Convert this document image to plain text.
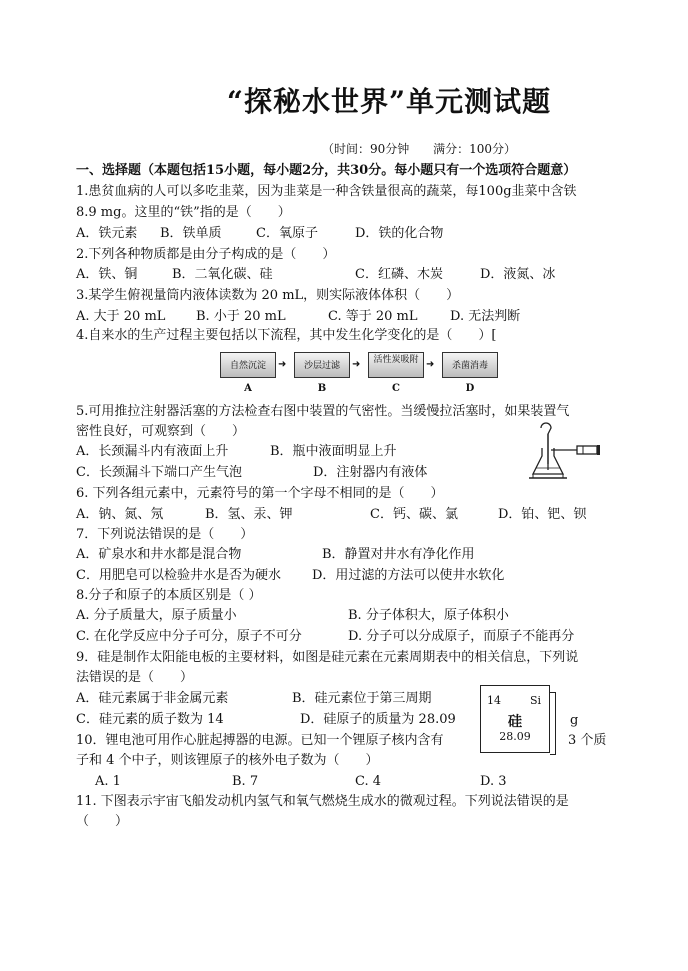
“探秘水世界”单元测试题
（时间：90分钟 满分：100分）
一、选择题（本题包括15小题，每小题2分，共30分。每小题只有一个选项符合题意）
1.患贫血病的人可以多吃韭菜，因为韭菜是一种含铁量很高的蔬菜，每100g韭菜中含铁
8.9 mg。这里的“铁”指的是（　　）
A．铁元素 B．铁单质	C．氧原子	D．铁的化合物
2.下列各种物质都是由分子构成的是（　　）
A．铁、铜	B．二氧化碳、硅	C．红磷、木炭	D．液氮、冰
3.某学生俯视量筒内液体读数为 20 mL，则实际液体体积（　　）
A. 大于 20 mL B. 小于 20 mL	C. 等于 20 mL D. 无法判断
4.自来水的生产过程主要包括以下流程，其中发生化学变化的是（　　）[
自然沉淀	➜	沙层过滤	➜	活性炭吸附 ➜	杀菌消毒
A	B	C	D
5.可用推拉注射器活塞的方法检查右图中装置的气密性。当缓慢拉活塞时，如果装置气
密性良好，可观察到（　　）
A．长颈漏斗内有液面上升	B．瓶中液面明显上升
C．长颈漏斗下端口产生气泡	D．注射器内有液体
6. 下列各组元素中，元素符号的第一个字母不相同的是（　　）
A．钠、氮、氖	B．氢、汞、钾	C．钙、碳、氯	D．铂、钯、钡
7．下列说法错误的是（　　）
A．矿泉水和井水都是混合物	B．静置对井水有净化作用
C．用肥皂可以检验井水是否为硬水 D．用过滤的方法可以使井水软化
8.分子和原子的本质区别是（ ）
A. 分子质量大，原子质量小	B. 分子体积大，原子体积小
C. 在化学反应中分子可分，原子不可分	D. 分子可以分成原子，而原子不能再分
9．硅是制作太阳能电板的主要材料，如图是硅元素在元素周期表中的相关信息，下列说
法错误的是（　　）
A．硅元素属于非金属元素	B．硅元素位于第三周期
C．硅元素的质子数为 14	D．硅原子的质量为 28.09	g
14	Si
硅
28.09
10．锂电池可用作心脏起搏器的电源。已知一个锂原子核内含有	3 个质
子和 4 个中子，则该锂原子的核外电子数为（　　）
A. 1	B. 7	C. 4	D. 3
11. 下图表示宇宙飞船发动机内氢气和氧气燃烧生成水的微观过程。下列说法错误的是
（　　）
